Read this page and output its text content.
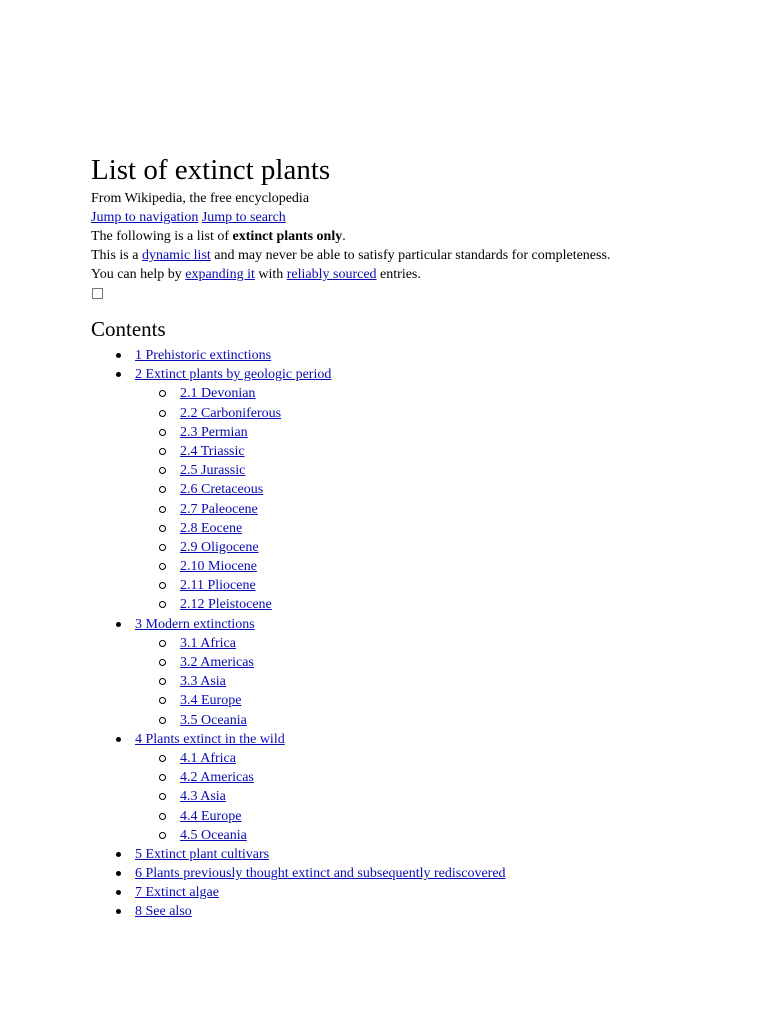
List of extinct plants
From Wikipedia, the free encyclopedia
Jump to navigation Jump to search
The following is a list of extinct plants only.
This is a dynamic list and may never be able to satisfy particular standards for completeness.
You can help by expanding it with reliably sourced entries.
Contents
1 Prehistoric extinctions
2 Extinct plants by geologic period
2.1 Devonian
2.2 Carboniferous
2.3 Permian
2.4 Triassic
2.5 Jurassic
2.6 Cretaceous
2.7 Paleocene
2.8 Eocene
2.9 Oligocene
2.10 Miocene
2.11 Pliocene
2.12 Pleistocene
3 Modern extinctions
3.1 Africa
3.2 Americas
3.3 Asia
3.4 Europe
3.5 Oceania
4 Plants extinct in the wild
4.1 Africa
4.2 Americas
4.3 Asia
4.4 Europe
4.5 Oceania
5 Extinct plant cultivars
6 Plants previously thought extinct and subsequently rediscovered
7 Extinct algae
8 See also
